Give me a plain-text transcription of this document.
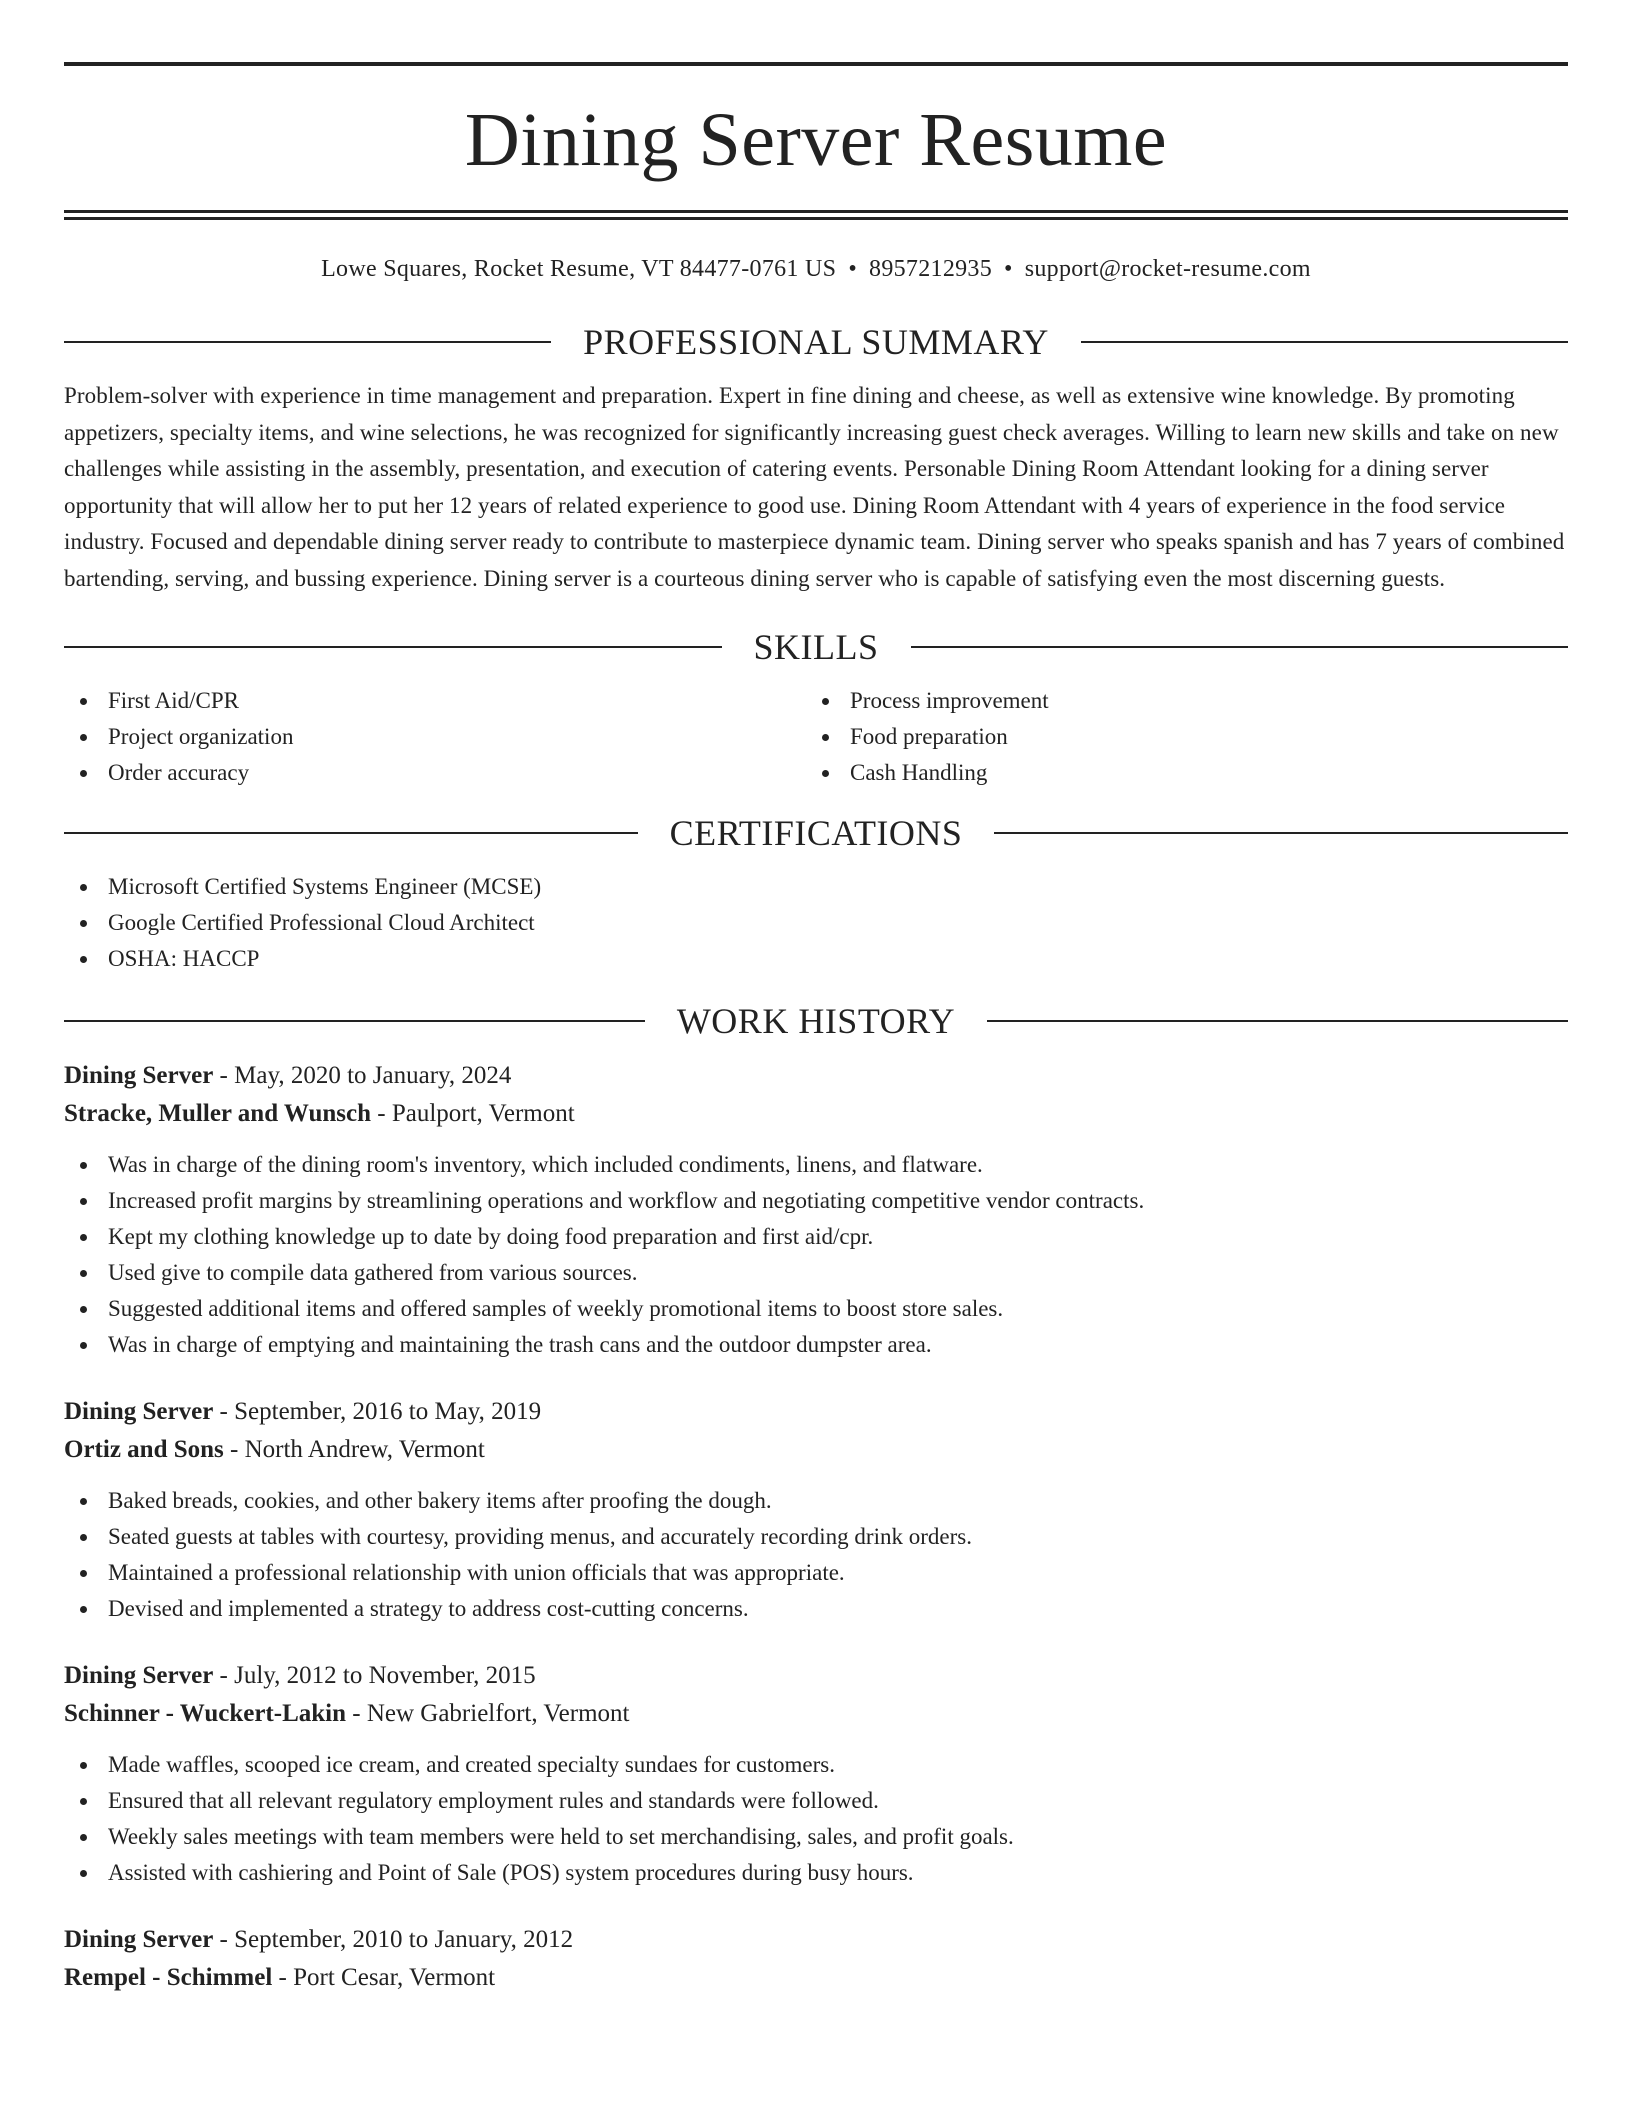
Dining Server Resume
Lowe Squares, Rocket Resume, VT 84477-0761 US • 8957212935 • support@rocket-resume.com
PROFESSIONAL SUMMARY

Problem-solver with experience in time management and preparation. Expert in fine dining and cheese, as well as extensive wine knowledge. By promoting appetizers, specialty items, and wine selections, he was recognized for significantly increasing guest check averages. Willing to learn new skills and take on new challenges while assisting in the assembly, presentation, and execution of catering events. Personable Dining Room Attendant looking for a dining server opportunity that will allow her to put her 12 years of related experience to good use. Dining Room Attendant with 4 years of experience in the food service industry. Focused and dependable dining server ready to contribute to masterpiece dynamic team. Dining server who speaks spanish and has 7 years of combined bartending, serving, and bussing experience. Dining server is a courteous dining server who is capable of satisfying even the most discerning guests.

SKILLS
First Aid/CPR
Project organization
Order accuracy
Process improvement
Food preparation
Cash Handling
CERTIFICATIONS
Microsoft Certified Systems Engineer (MCSE)
Google Certified Professional Cloud Architect
OSHA: HACCP
WORK HISTORY

Dining Server - May, 2020 to January, 2024

Stracke, Muller and Wunsch - Paulport, Vermont

Was in charge of the dining room's inventory, which included condiments, linens, and flatware.
Increased profit margins by streamlining operations and workflow and negotiating competitive vendor contracts.
Kept my clothing knowledge up to date by doing food preparation and first aid/cpr.
Used give to compile data gathered from various sources.
Suggested additional items and offered samples of weekly promotional items to boost store sales.
Was in charge of emptying and maintaining the trash cans and the outdoor dumpster area.

Dining Server - September, 2016 to May, 2019

Ortiz and Sons - North Andrew, Vermont

Baked breads, cookies, and other bakery items after proofing the dough.
Seated guests at tables with courtesy, providing menus, and accurately recording drink orders.
Maintained a professional relationship with union officials that was appropriate.
Devised and implemented a strategy to address cost-cutting concerns.

Dining Server - July, 2012 to November, 2015

Schinner - Wuckert-Lakin - New Gabrielfort, Vermont

Made waffles, scooped ice cream, and created specialty sundaes for customers.
Ensured that all relevant regulatory employment rules and standards were followed.
Weekly sales meetings with team members were held to set merchandising, sales, and profit goals.
Assisted with cashiering and Point of Sale (POS) system procedures during busy hours.

Dining Server - September, 2010 to January, 2012

Rempel - Schimmel - Port Cesar, Vermont
